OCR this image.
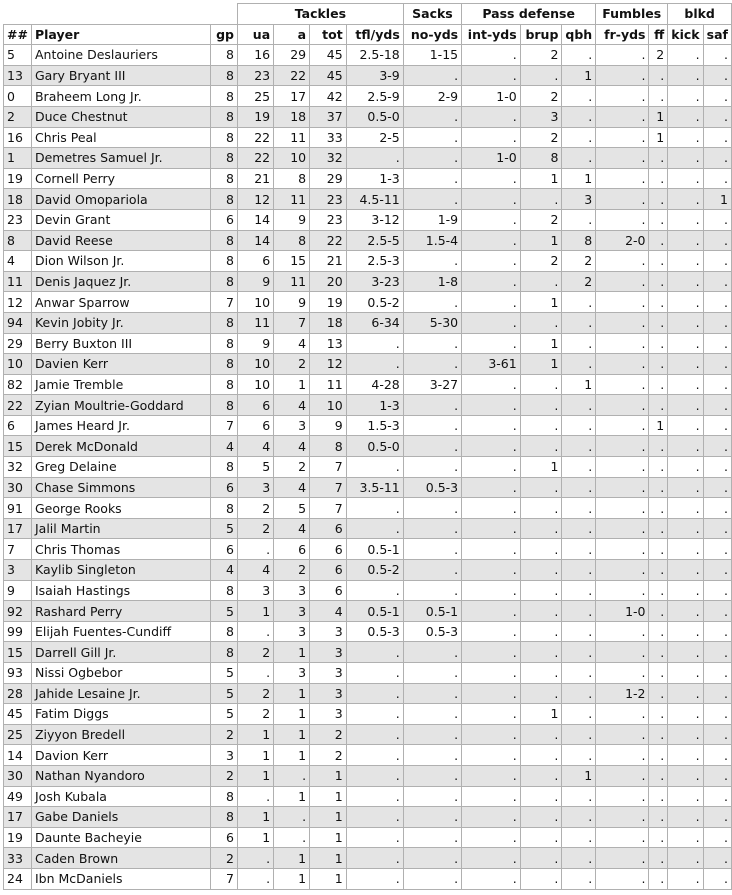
			Tackles				Sacks	Pass defense			Fumbles		blkd	
##	Player	gp	ua	a	tot	tfl/yds	no-yds	int-yds	brup	qbh	fr-yds	ff	kick	saf
5	Antoine Deslauriers	8	16	29	45	2.5-18	1-15	.	2	.	.	2	.	.
13	Gary Bryant III	8	23	22	45	3-9	.	.	.	1	.	.	.	.
0	Braheem Long Jr.	8	25	17	42	2.5-9	2-9	1-0	2	.	.	.	.	.
2	Duce Chestnut	8	19	18	37	0.5-0	.	.	3	.	.	1	.	.
16	Chris Peal	8	22	11	33	2-5	.	.	2	.	.	1	.	.
1	Demetres Samuel Jr.	8	22	10	32	.	.	1-0	8	.	.	.	.	.
19	Cornell Perry	8	21	8	29	1-3	.	.	1	1	.	.	.	.
18	David Omopariola	8	12	11	23	4.5-11	.	.	.	3	.	.	.	1
23	Devin Grant	6	14	9	23	3-12	1-9	.	2	.	.	.	.	.
8	David Reese	8	14	8	22	2.5-5	1.5-4	.	1	8	2-0	.	.	.
4	Dion Wilson Jr.	8	6	15	21	2.5-3	.	.	2	2	.	.	.	.
11	Denis Jaquez Jr.	8	9	11	20	3-23	1-8	.	.	2	.	.	.	.
12	Anwar Sparrow	7	10	9	19	0.5-2	.	.	1	.	.	.	.	.
94	Kevin Jobity Jr.	8	11	7	18	6-34	5-30	.	.	.	.	.	.	.
29	Berry Buxton III	8	9	4	13	.	.	.	1	.	.	.	.	.
10	Davien Kerr	8	10	2	12	.	.	3-61	1	.	.	.	.	.
82	Jamie Tremble	8	10	1	11	4-28	3-27	.	.	1	.	.	.	.
22	Zyian Moultrie-Goddard	8	6	4	10	1-3	.	.	.	.	.	.	.	.
6	James Heard Jr.	7	6	3	9	1.5-3	.	.	.	.	.	1	.	.
15	Derek McDonald	4	4	4	8	0.5-0	.	.	.	.	.	.	.	.
32	Greg Delaine	8	5	2	7	.	.	.	1	.	.	.	.	.
30	Chase Simmons	6	3	4	7	3.5-11	0.5-3	.	.	.	.	.	.	.
91	George Rooks	8	2	5	7	.	.	.	.	.	.	.	.	.
17	Jalil Martin	5	2	4	6	.	.	.	.	.	.	.	.	.
7	Chris Thomas	6	.	6	6	0.5-1	.	.	.	.	.	.	.	.
3	Kaylib Singleton	4	4	2	6	0.5-2	.	.	.	.	.	.	.	.
9	Isaiah Hastings	8	3	3	6	.	.	.	.	.	.	.	.	.
92	Rashard Perry	5	1	3	4	0.5-1	0.5-1	.	.	.	1-0	.	.	.
99	Elijah Fuentes-Cundiff	8	.	3	3	0.5-3	0.5-3	.	.	.	.	.	.	.
15	Darrell Gill Jr.	8	2	1	3	.	.	.	.	.	.	.	.	.
93	Nissi Ogbebor	5	.	3	3	.	.	.	.	.	.	.	.	.
28	Jahide Lesaine Jr.	5	2	1	3	.	.	.	.	.	1-2	.	.	.
45	Fatim Diggs	5	2	1	3	.	.	.	1	.	.	.	.	.
25	Ziyyon Bredell	2	1	1	2	.	.	.	.	.	.	.	.	.
14	Davion Kerr	3	1	1	2	.	.	.	.	.	.	.	.	.
30	Nathan Nyandoro	2	1	.	1	.	.	.	.	1	.	.	.	.
49	Josh Kubala	8	.	1	1	.	.	.	.	.	.	.	.	.
17	Gabe Daniels	8	1	.	1	.	.	.	.	.	.	.	.	.
19	Daunte Bacheyie	6	1	.	1	.	.	.	.	.	.	.	.	.
33	Caden Brown	2	.	1	1	.	.	.	.	.	.	.	.	.
24	Ibn McDaniels	7	.	1	1	.	.	.	.	.	.	.	.	.
